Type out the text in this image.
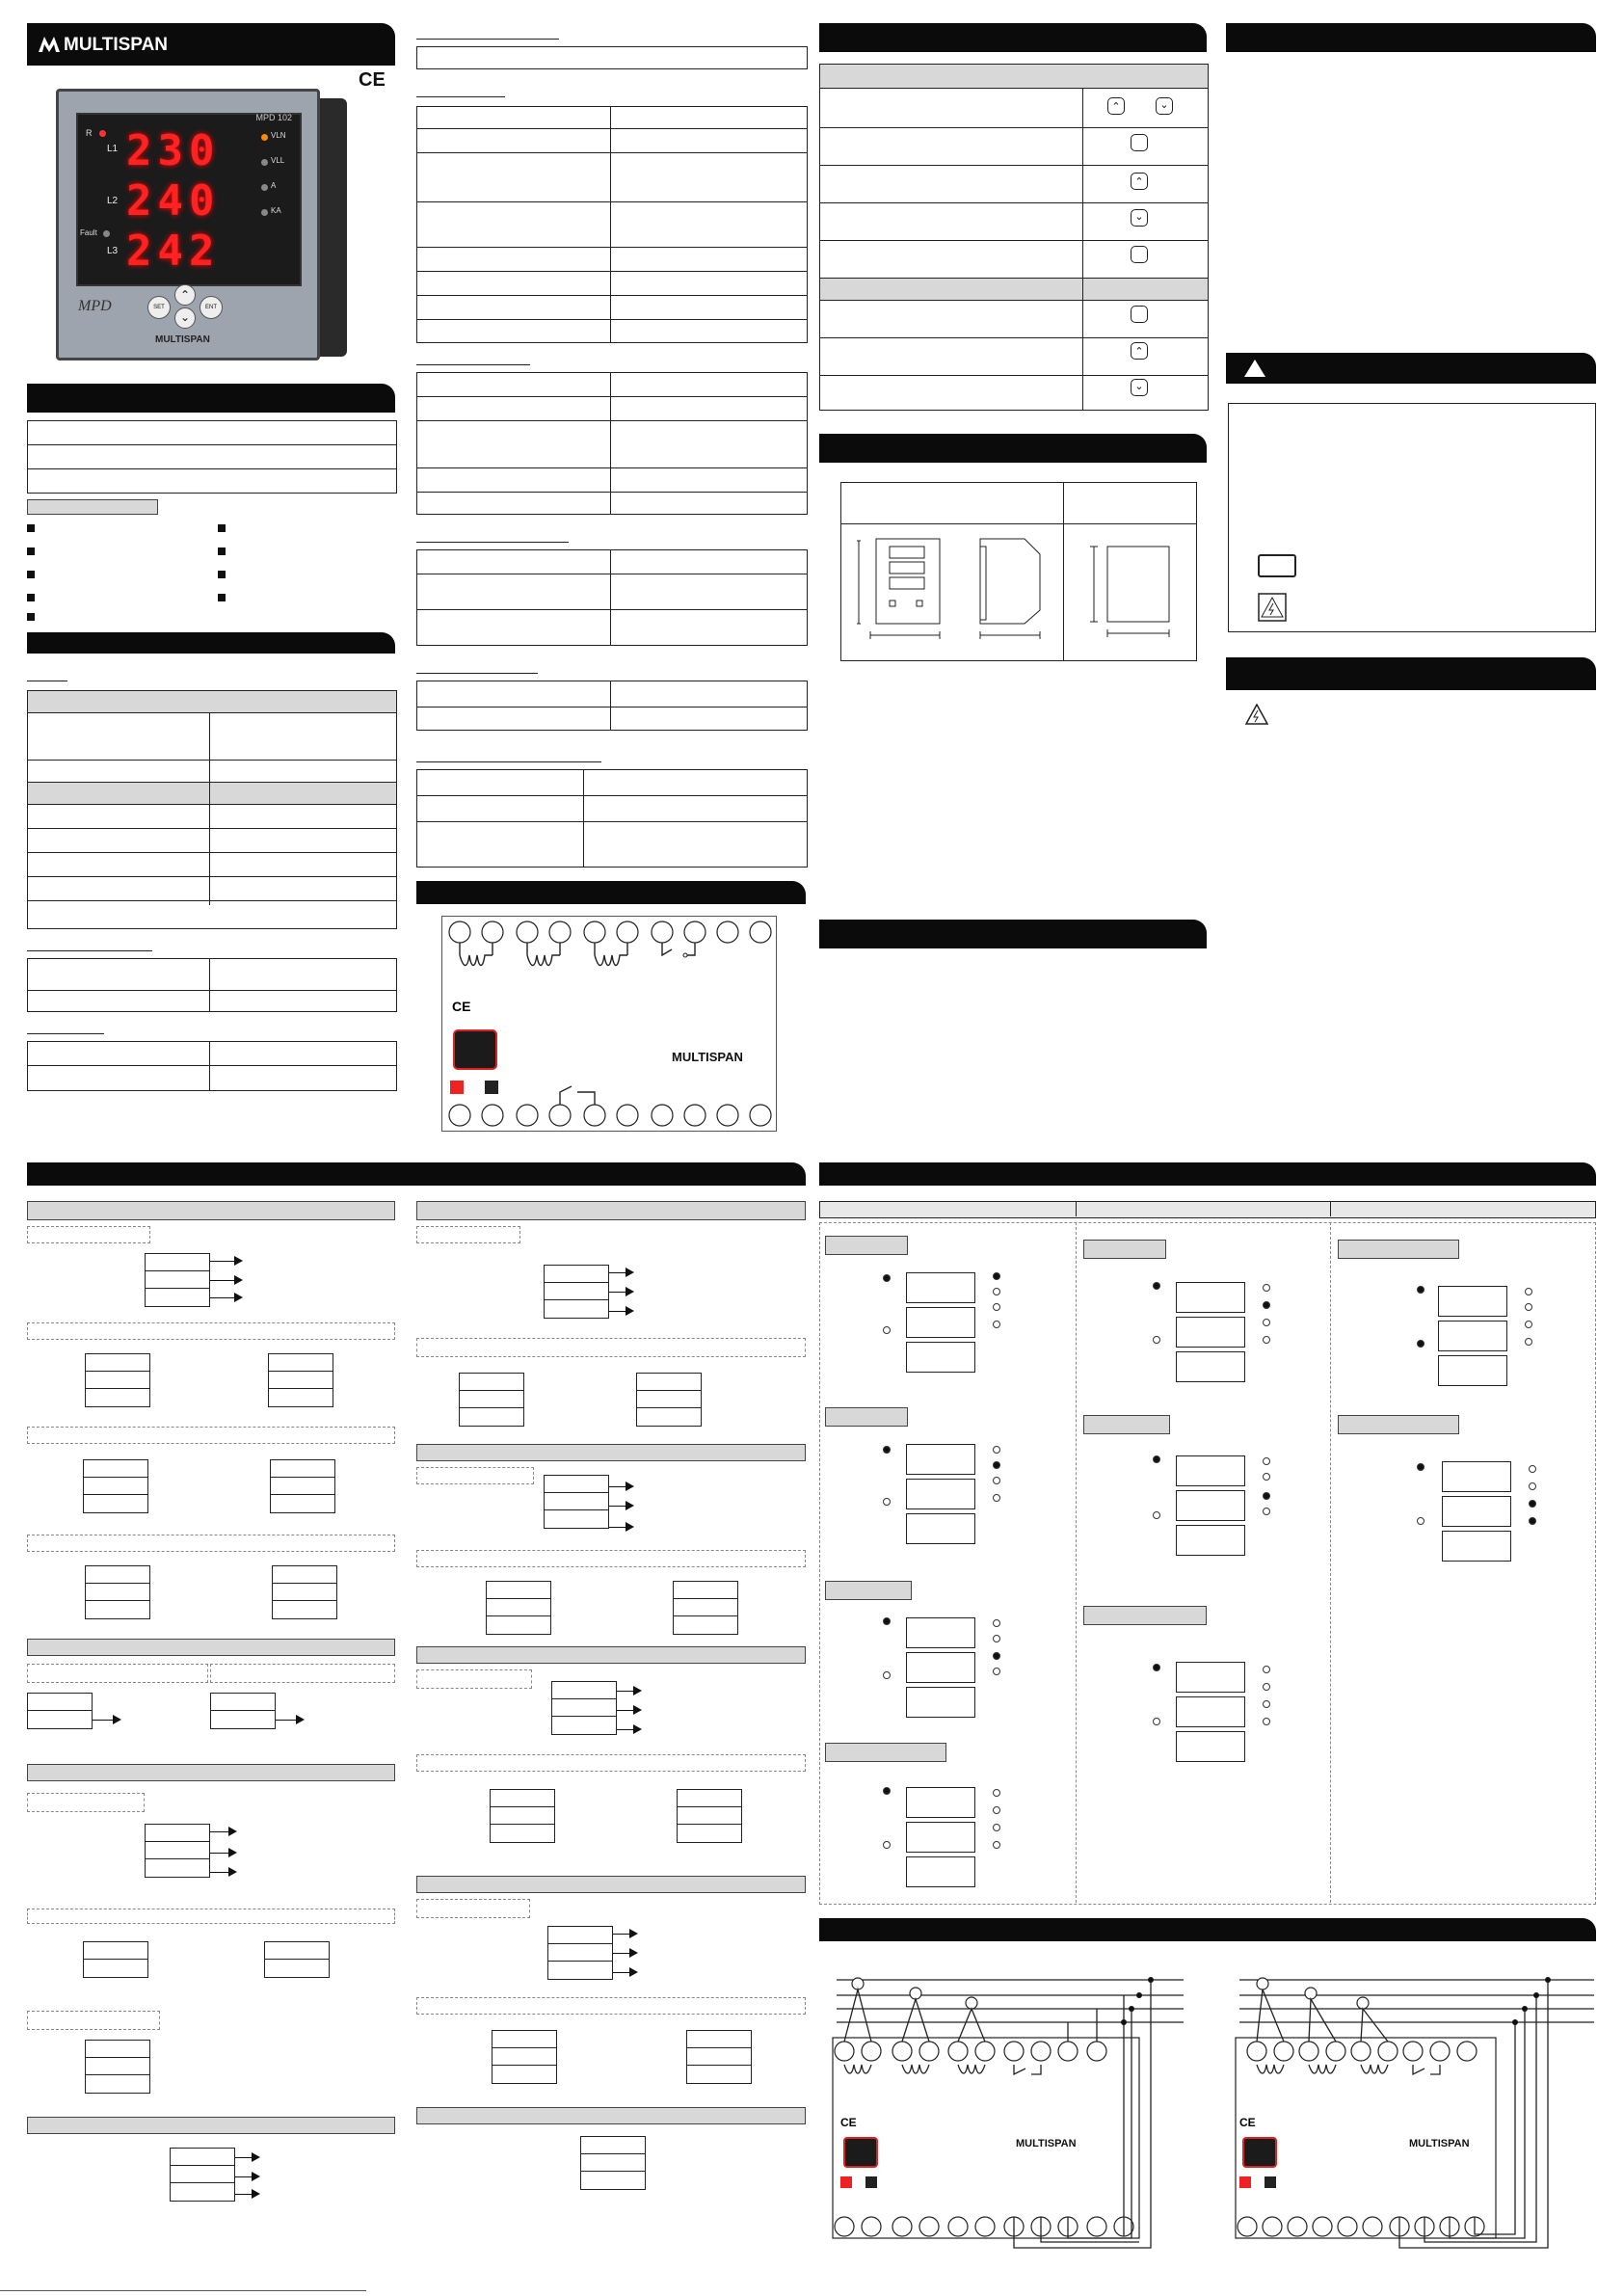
MULTISPAN
CE
MPD 102
R
Fault
L1
L2
L3
230
240
242
VLN
VLL
A
KA
MPD	SET
⌃
⌄
ENT
MULTISPAN
CE
MULTISPAN
⌃	⌄
⌃
⌄
⌃
⌄
CE
MULTISPAN
CE
MULTISPAN
